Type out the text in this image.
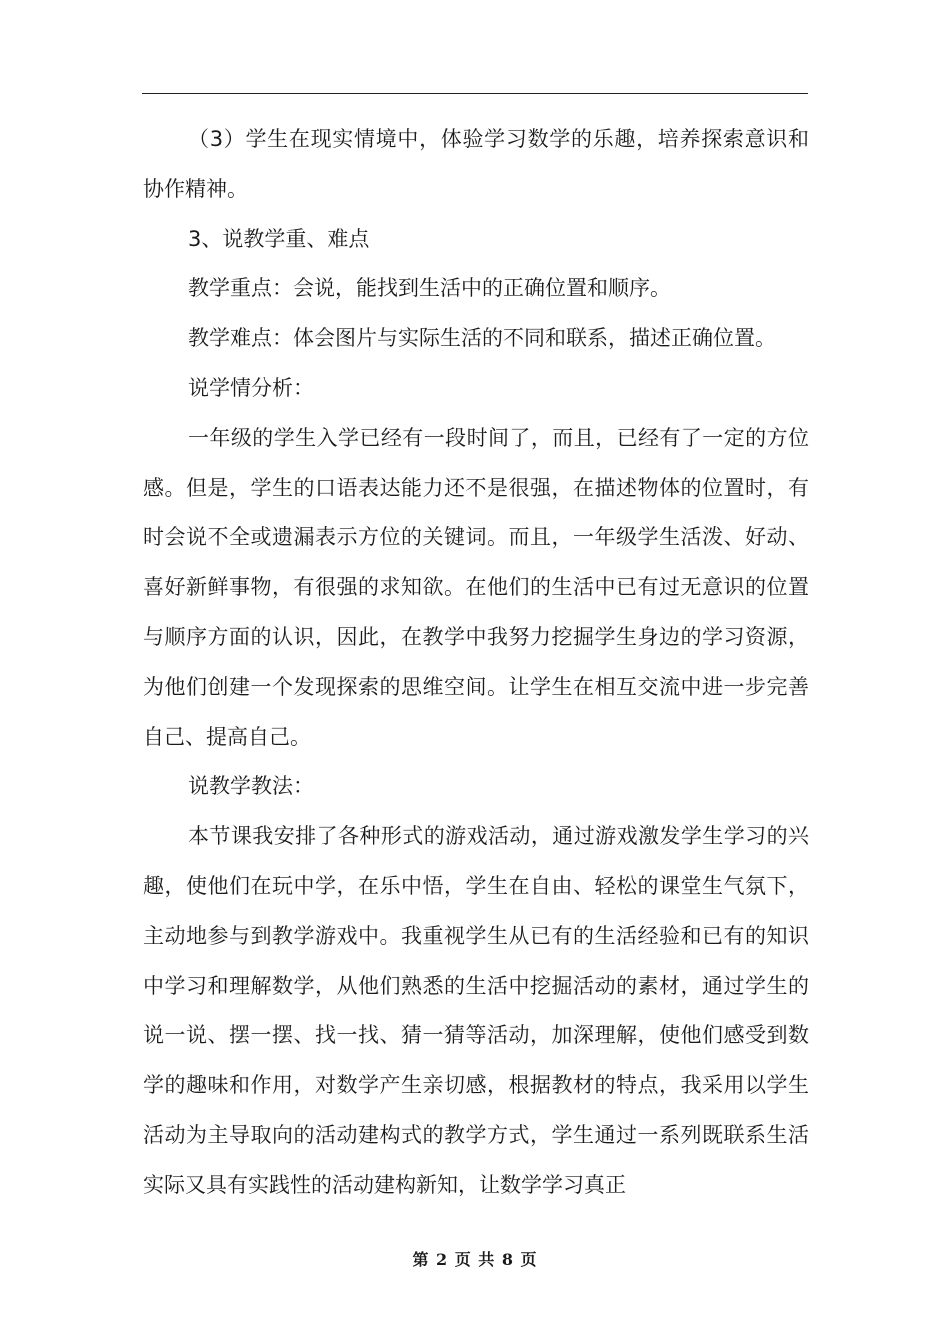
（3）学生在现实情境中，体验学习数学的乐趣，培养探索意识和协作精神。

3、说教学重、难点

教学重点：会说，能找到生活中的正确位置和顺序。

教学难点：体会图片与实际生活的不同和联系，描述正确位置。

说学情分析：

一年级的学生入学已经有一段时间了，而且，已经有了一定的方位感。但是，学生的口语表达能力还不是很强，在描述物体的位置时，有时会说不全或遗漏表示方位的关键词。而且，一年级学生活泼、好动、喜好新鲜事物，有很强的求知欲。在他们的生活中已有过无意识的位置与顺序方面的认识，因此，在教学中我努力挖掘学生身边的学习资源，为他们创建一个发现探索的思维空间。让学生在相互交流中进一步完善自己、提高自己。

说教学教法：

本节课我安排了各种形式的游戏活动，通过游戏激发学生学习的兴趣，使他们在玩中学，在乐中悟，学生在自由、轻松的课堂生气氛下，主动地参与到教学游戏中。我重视学生从已有的生活经验和已有的知识中学习和理解数学，从他们熟悉的生活中挖掘活动的素材，通过学生的说一说、摆一摆、找一找、猜一猜等活动，加深理解，使他们感受到数学的趣味和作用，对数学产生亲切感，根据教材的特点，我采用以学生活动为主导取向的活动建构式的教学方式，学生通过一系列既联系生活实际又具有实践性的活动建构新知，让数学学习真正

第 2 页 共 8 页
